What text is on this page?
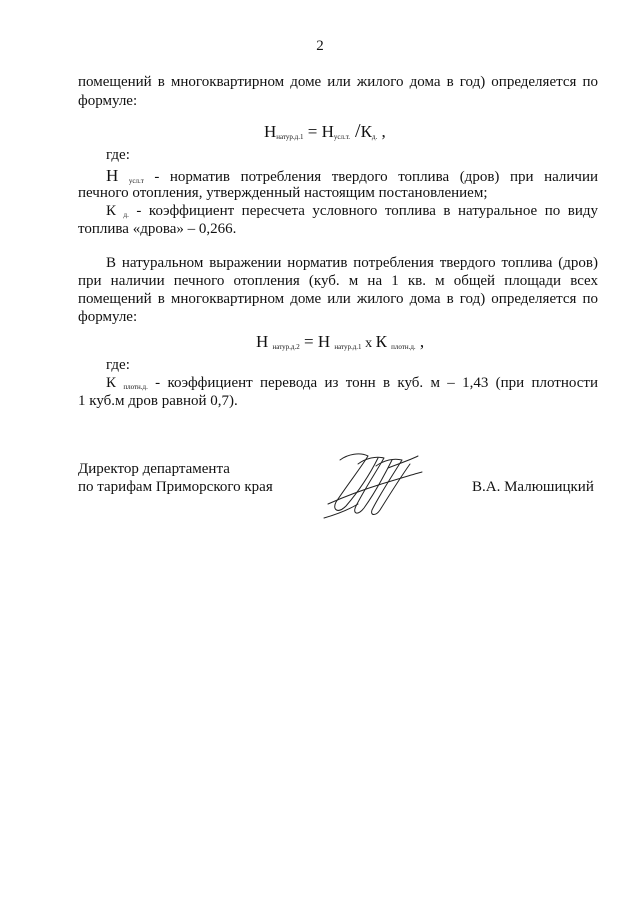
2
помещений в многоквартирном доме или жилого дома в год) определяется по
формуле:
Ннатур.д.1 = Нусл.т. /Кд. ,
где:
Н $_{усл.т}$ - норматив потребления твердого топлива (дров) при наличии
печного отопления, утвержденный настоящим постановлением;
К $_{д.}$ - коэффициент пересчета условного топлива в натуральное по виду
топлива «дрова» – 0,266.
В натуральном выражении норматив потребления твердого топлива (дров)
при наличии печного отопления (куб. м на 1 кв. м общей площади всех
помещений в многоквартирном доме или жилого дома в год) определяется по
формуле:
Н натур.д.2 = Н натур.д.1 х К плотн.д. ,
где:
К $_{плотн.д.}$ - коэффициент перевода из тонн в куб. м – 1,43 (при плотности
1 куб.м дров равной 0,7).
Директор департамента
по тарифам Приморского края	В.А. Малюшицкий
